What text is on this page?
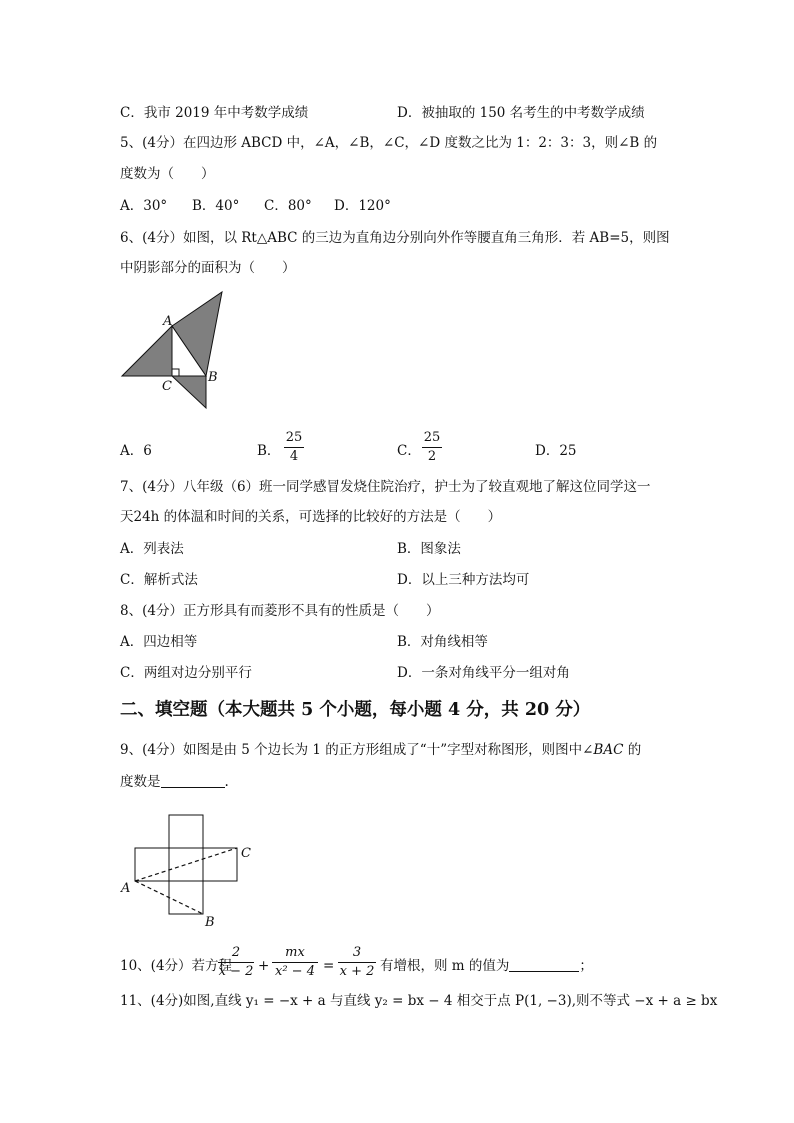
C．我市 2019 年中考数学成绩	D．被抽取的 150 名考生的中考数学成绩
5、(4分）在四边形 ABCD 中，∠A，∠B，∠C，∠D 度数之比为 1：2：3：3，则∠B 的
度数为（　　）
A．30° B．40° C．80° D．120°
6、(4分）如图，以 Rt△ABC 的三边为直角边分别向外作等腰直角三角形．若 AB=5，则图
中阴影部分的面积为（　　）
A
C
B
A．6	B．
25
4	C．
25
2	D．25
7、(4分）八年级（6）班一同学感冒发烧住院治疗，护士为了较直观地了解这位同学这一
天24h 的体温和时间的关系，可选择的比较好的方法是（　　）
A．列表法	B．图象法
C．解析式法	D．以上三种方法均可
8、(4分）正方形具有而菱形不具有的性质是（　　）
A．四边相等	B．对角线相等
C．两组对边分别平行	D．一条对角线平分一组对角
二、填空题（本大题共 5 个小题，每小题 4 分，共 20 分）
9、(4分）如图是由 5 个边长为 1 的正方形组成了“十”字型对称图形，则图中∠BAC 的
度数是	.
A
C
B
10、(4分）若方程
2
x − 2 +
mx
x² − 4 =
3
x + 2 有增根，则 m 的值为	；
11、(4分)如图,直线 y₁ = −x + a 与直线 y₂ = bx − 4 相交于点 P(1, −3),则不等式 −x + a ≥ bx
